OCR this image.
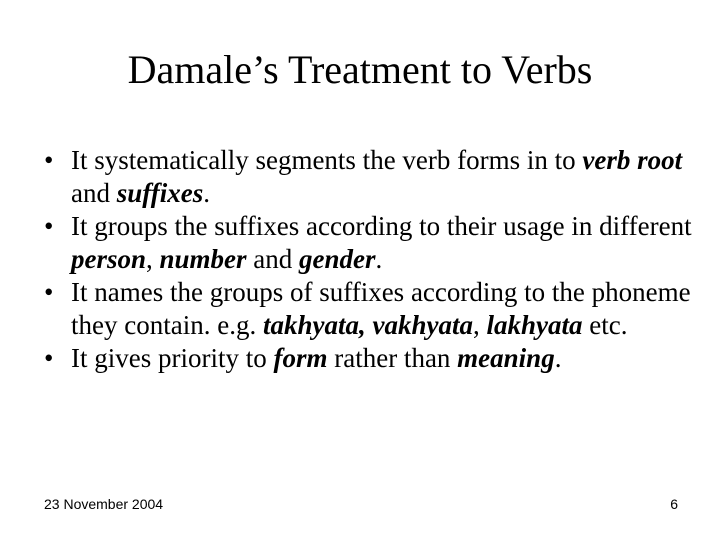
Damale’s Treatment to Verbs
• It systematically segments the verb forms in to verb root and suffixes.
• It groups the suffixes according to their usage in different person, number and gender.
• It names the groups of suffixes according to the phoneme they contain. e.g. takhyata, vakhyata, lakhyata etc.
• It gives priority to form rather than meaning.
23 November 2004	6
